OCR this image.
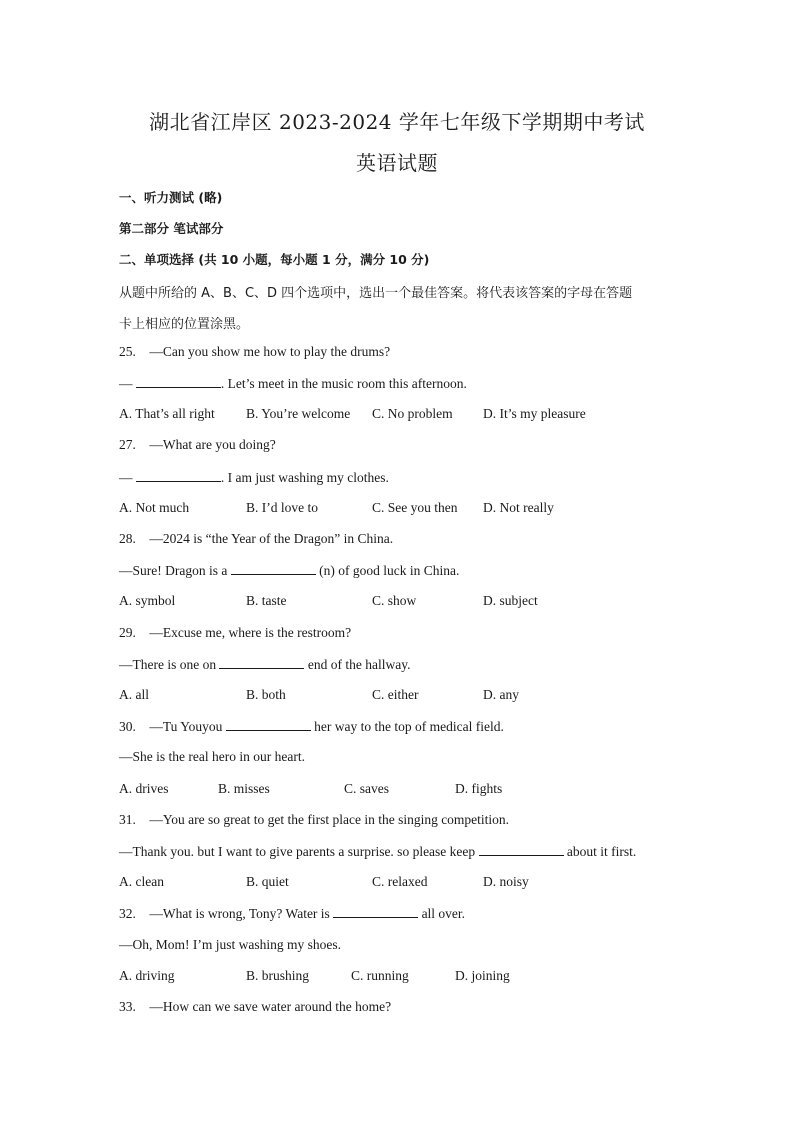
湖北省江岸区 2023-2024 学年七年级下学期期中考试
英语试题
一、听力测试 (略)
第二部分 笔试部分
二、单项选择 (共 10 小题，每小题 1 分，满分 10 分)
从题中所给的 A、B、C、D 四个选项中，选出一个最佳答案。将代表该答案的字母在答题
卡上相应的位置涂黑。
25. —Can you show me how to play the drums?
—	. Let’s meet in the music room this afternoon.
A. That’s all right B. You’re welcome C. No problem D. It’s my pleasure
27. —What are you doing?
—	. I am just washing my clothes.
A. Not much	B. I’d love to	C. See you then D. Not really
28. —2024 is “the Year of the Dragon” in China.
—Sure! Dragon is a	(n) of good luck in China.
A. symbol	B. taste	C. show	D. subject
29. —Excuse me, where is the restroom?
—There is one on	end of the hallway.
A. all	B. both	C. either	D. any
30. —Tu Youyou	her way to the top of medical field.
—She is the real hero in our heart.
A. drives	B. misses	C. saves	D. fights
31. —You are so great to get the first place in the singing competition.
—Thank you. but I want to give parents a surprise. so please keep	about it first.
A. clean	B. quiet	C. relaxed	D. noisy
32. —What is wrong, Tony? Water is	all over.
—Oh, Mom! I’m just washing my shoes.
A. driving	B. brushing	C. running	D. joining
33. —How can we save water around the home?
